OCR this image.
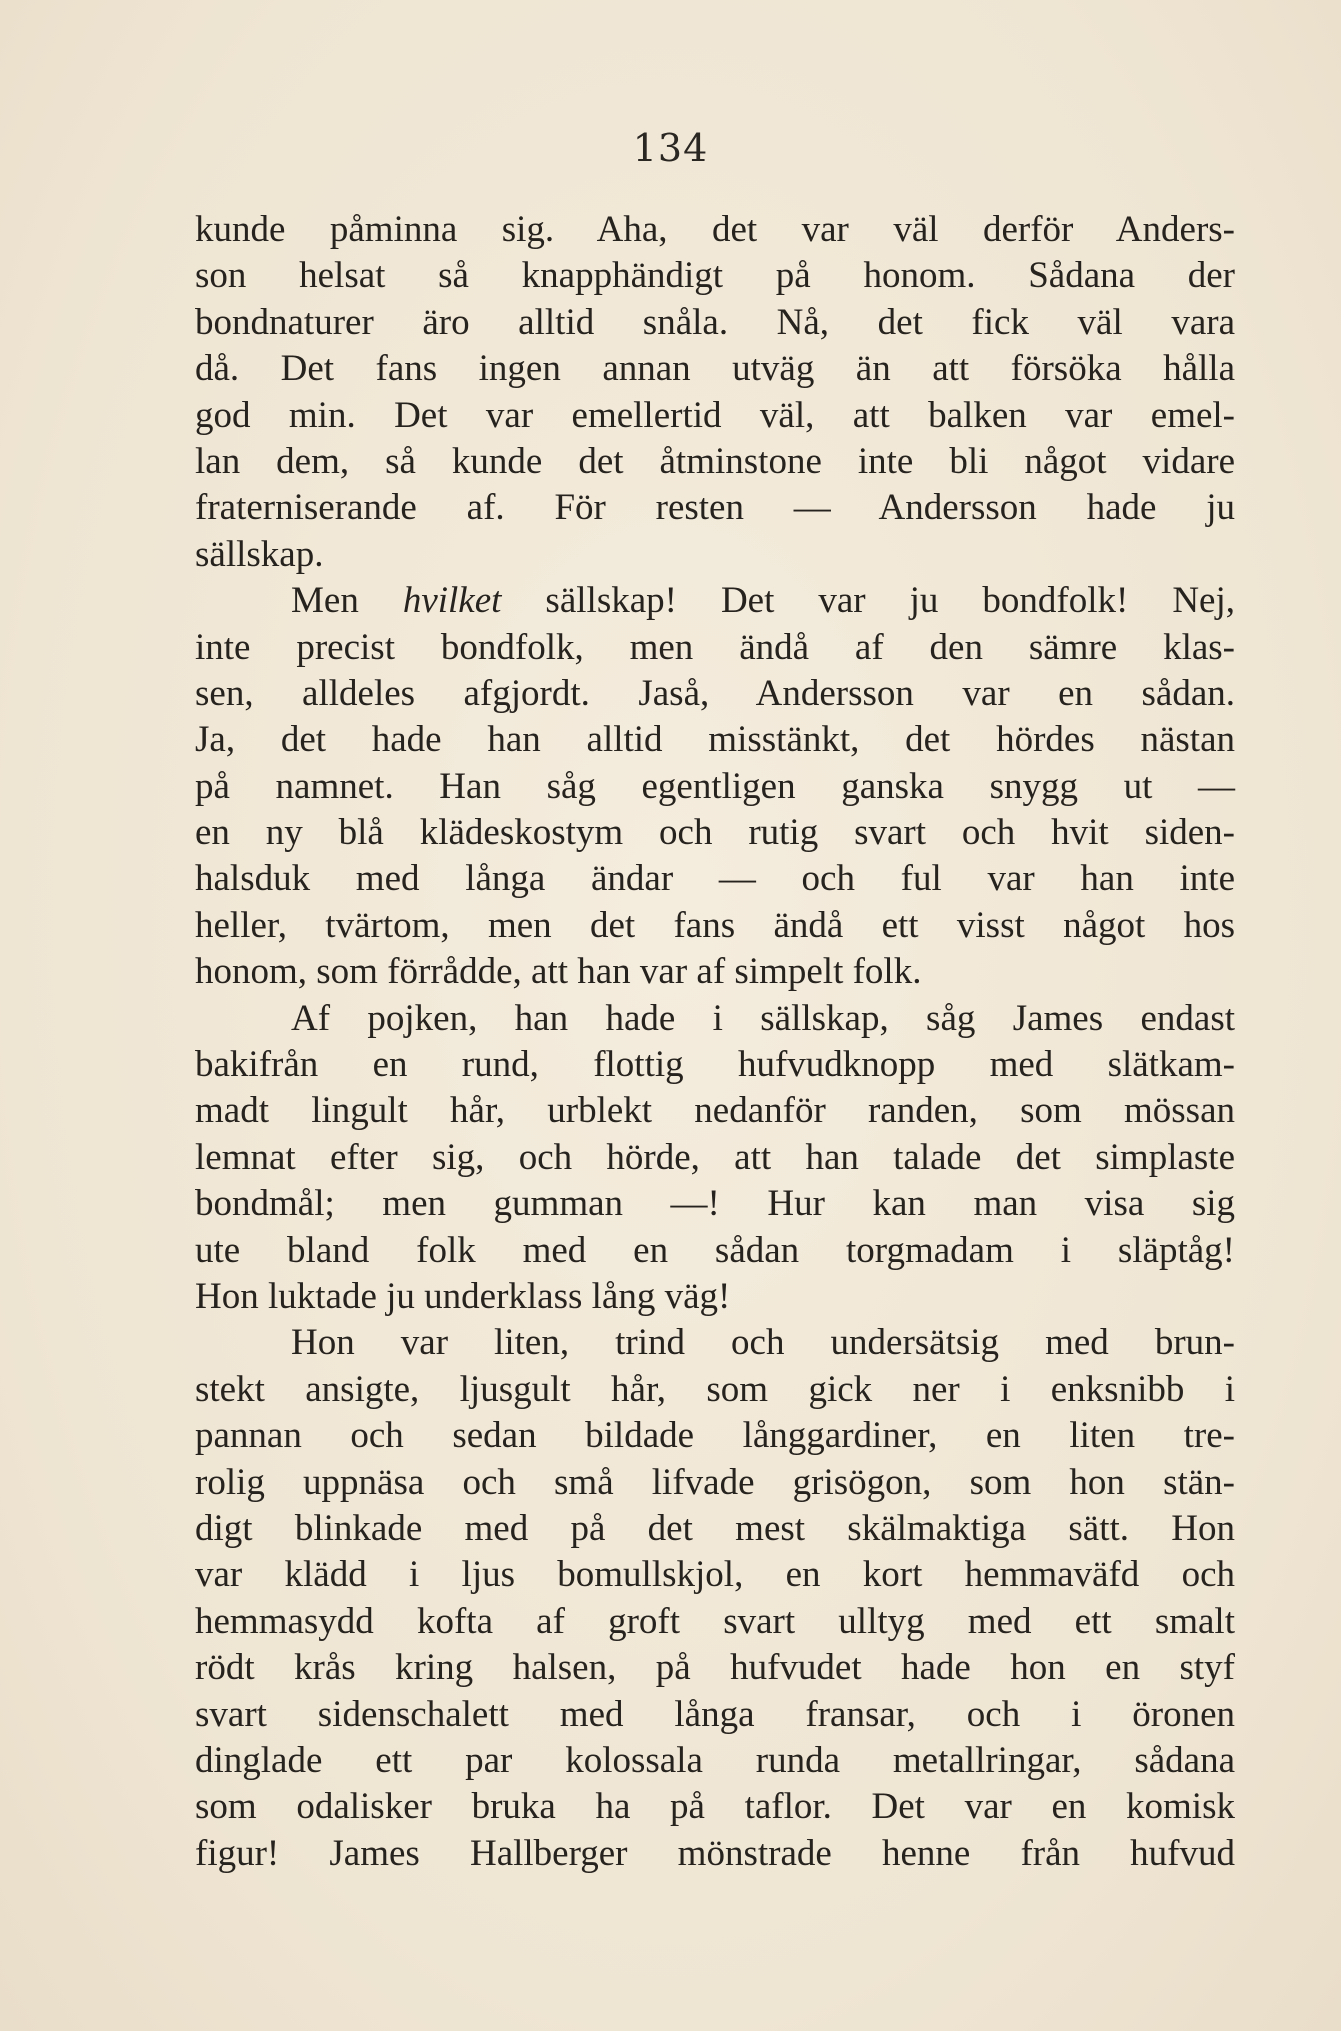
134
kunde påminna sig. Aha, det var väl derför Anders-
son helsat så knapphändigt på honom. Sådana der
bondnaturer äro alltid snåla. Nå, det fick väl vara
då. Det fans ingen annan utväg än att försöka hålla
god min. Det var emellertid väl, att balken var emel-
lan dem, så kunde det åtminstone inte bli något vidare
fraterniserande af. För resten — Andersson hade ju
sällskap.
Men hvilket sällskap! Det var ju bondfolk! Nej,
inte precist bondfolk, men ändå af den sämre klas-
sen, alldeles afgjordt. Jaså, Andersson var en sådan.
Ja, det hade han alltid misstänkt, det hördes nästan
på namnet. Han såg egentligen ganska snygg ut —
en ny blå kläde​skostym och rutig svart och hvit siden-
halsduk med långa ändar — och ful var han inte
heller, tvärtom, men det fans ändå ett visst något hos
honom, som förrådde, att han var af simpelt folk.
Af pojken, han hade i sällskap, såg James endast
bakifrån en rund, flottig hufvudknopp med slätkam-
madt lingult hår, urblekt nedanför randen, som mössan
lemnat efter sig, och hörde, att han talade det simplaste
bondmål; men gumman —! Hur kan man visa sig
ute bland folk med en sådan torgmadam i släptåg!
Hon luktade ju underklass lång väg!
Hon var liten, trind och undersätsig med brun-
stekt ansigte, ljusgult hår, som gick ner i enksnibb i
pannan och sedan bildade långgardiner, en liten tre-
rolig uppnäsa och små lifvade grisögon, som hon stän-
digt blinkade med på det mest skälmaktiga sätt. Hon
var klädd i ljus bomullskjol, en kort hemmaväfd och
hemmasydd kofta af groft svart ulltyg med ett smalt
rödt krås kring halsen, på hufvudet hade hon en styf
svart sidenschalett med långa fransar, och i öronen
dinglade ett par kolossala runda metallringar, sådana
som odalisker bruka ha på taflor. Det var en komisk
figur! James Hallberger mönstrade henne från hufvud
